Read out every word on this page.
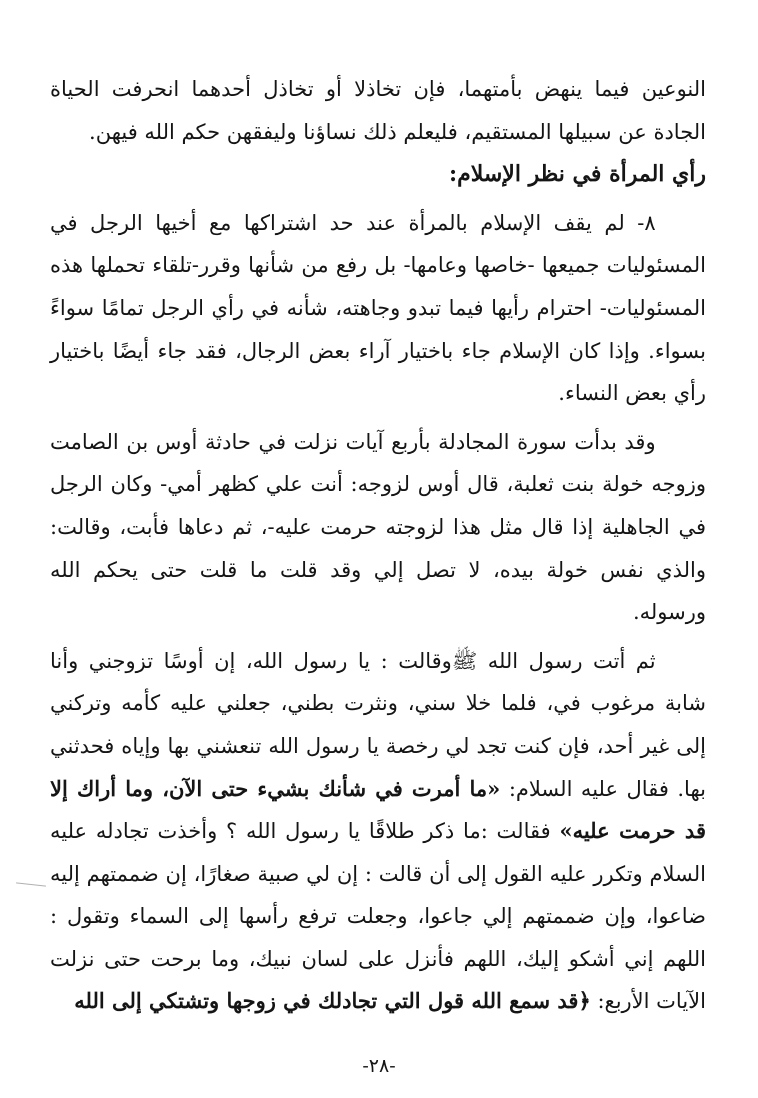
النوعين فيما ينهض بأمتهما، فإن تخاذلا أو تخاذل أحدهما انحرفت الحياة الجادة عن سبيلها المستقيم، فليعلم ذلك نساؤنا وليفقهن حكم الله فيهن.

رأي المرأة في نظر الإسلام:

٨- لم يقف الإسلام بالمرأة عند حد اشتراكها مع أخيها الرجل في المسئوليات جميعها -خاصها وعامها- بل رفع من شأنها وقرر-تلقاء تحملها هذه المسئوليات- احترام رأيها فيما تبدو وجاهته، شأنه في رأي الرجل تمامًا سواءً بسواء. وإذا كان الإسلام جاء باختيار آراء بعض الرجال، فقد جاء أيضًا باختيار رأي بعض النساء.

وقد بدأت سورة المجادلة بأربع آيات نزلت في حادثة أوس بن الصامت وزوجه خولة بنت ثعلبة، قال أوس لزوجه: أنت علي كظهر أمي- وكان الرجل في الجاهلية إذا قال مثل هذا لزوجته حرمت عليه-، ثم دعاها فأبت، وقالت: والذي نفس خولة بيده، لا تصل إلي وقد قلت ما قلت حتى يحكم الله ورسوله.

ثم أتت رسول الله ﷺوقالت : يا رسول الله، إن أوسًا تزوجني وأنا شابة مرغوب في، فلما خلا سني، ونثرت بطني، جعلني عليه كأمه وتركني إلى غير أحد، فإن كنت تجد لي رخصة يا رسول الله تنعشني بها وإياه فحدثني بها. فقال عليه السلام: «ما أمرت في شأنك بشيء حتى الآن، وما أراك إلا قد حرمت عليه» فقالت :ما ذكر طلاقًا يا رسول الله ؟ وأخذت تجادله عليه السلام وتكرر عليه القول إلى أن قالت : إن لي صبية صغارًا، إن ضممتهم إليه ضاعوا، وإن ضممتهم إلي جاعوا، وجعلت ترفع رأسها إلى السماء وتقول : اللهم إني أشكو إليك، اللهم فأنزل على لسان نبيك، وما برحت حتى نزلت الآيات الأربع: ﴿قد سمع الله قول التي تجادلك في زوجها وتشتكي إلى الله

-٢٨-
